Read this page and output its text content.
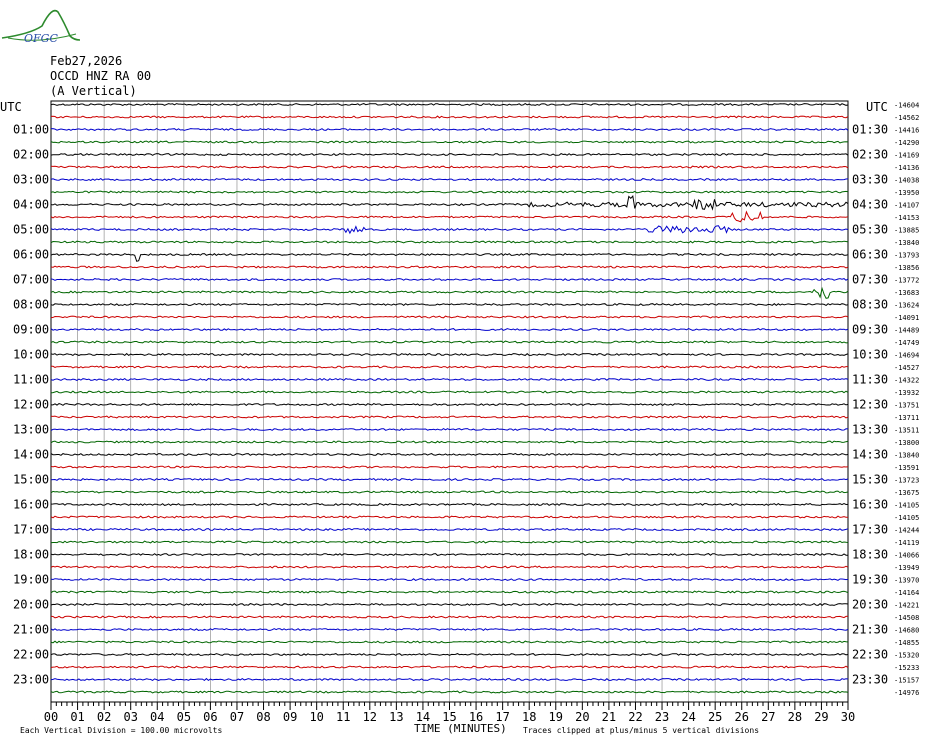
OFGC
Feb27,2026
OCCD HNZ RA 00
(A Vertical)
00 01 02 03 04 05 06 07 08 09 10 11 12 13 14 15 16 17 18 19 20 21 22 23 24 25 26 27 28 29 30
-14604
-14562
-14416
-14290
-14169
-14136
-14038
-13950
-14107
-14153
-13885
-13840
-13793
-13856
-13772
-13683
-13624
-14091
-14489
-14749
-14694
-14527
-14322
-13932
-13751
-13711
-13511
-13800
-13840
-13591
-13723
-13675
-14105
-14105
-14244
-14119
-14066
-13949
-13970
-14164
-14221
-14508
-14680
-14855
-15320
-15233
-15157
-14976
01:00
02:00
03:00
04:00
05:00
06:00
07:00
08:00
09:00
10:00
11:00
12:00
13:00
14:00
15:00
16:00
17:00
18:00
19:00
20:00
21:00
22:00
23:00
01:30
02:30
03:30
04:30
05:30
06:30
07:30
08:30
09:30
10:30
11:30
12:30
13:30
14:30
15:30
16:30
17:30
18:30
19:30
20:30
21:30
22:30
23:30
UTC	UTC
TIME (MINUTES)
Each Vertical Division = 100.00 microvolts	Traces clipped at plus/minus 5 vertical divisions
